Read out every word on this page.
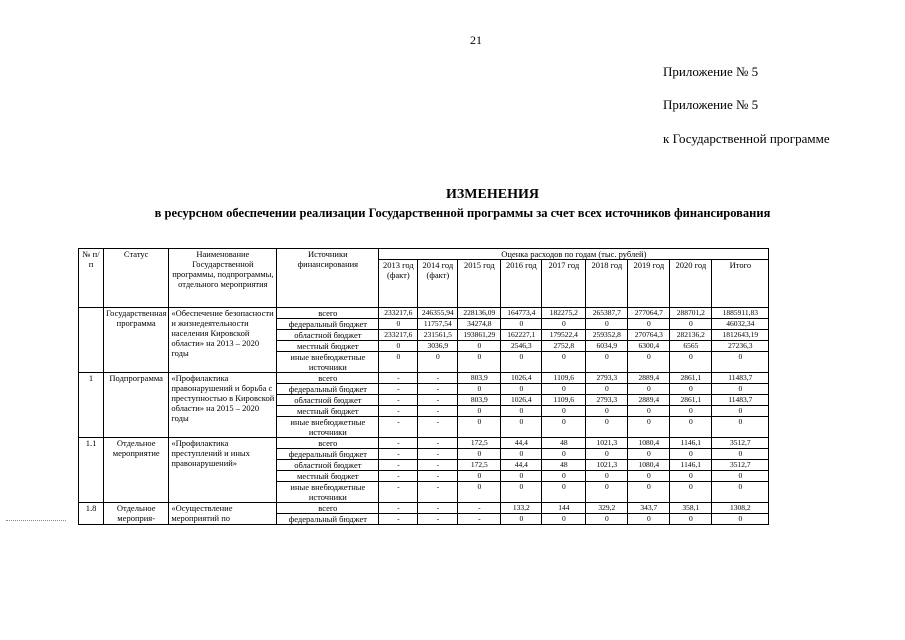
21
Приложение № 5
Приложение № 5
к Государственной программе
ИЗМЕНЕНИЯ
в ресурсном обеспечении реализации Государственной программы за счет всех источников финансирования
№ п/п	Статус	Наименование Государственной программы, подпрограммы, отдельного мероприятия	Источники финансирования	Оценка расходов по годам (тыс. рублей)								
				2013 год (факт)	2014 год (факт)	2015 год	2016 год	2017 год	2018 год	2019 год	2020 год	Итого
	Государственная программа	«Обеспечение безопасности и жизнедеятельности населения Кировской области» на 2013 – 2020 годы	всего	233217,6	246355,94	228136,09	164773,4	182275,2	265387,7	277064,7	288701,2	1885911,83
			федеральный бюджет	0	11757,54	34274,8	0	0	0	0	0	46032,34
			областной бюджет	233217,6	231561,5	193861,29	162227,1	179522,4	259352,8	270764,3	282136,2	1812643,19
			местный бюджет	0	3036,9	0	2546,3	2752,8	6034,9	6300,4	6565	27236,3
			иные внебюджетные источники	0	0	0	0	0	0	0	0	0
1	Подпрограмма	«Профилактика правонарушений и борьба с преступностью в Кировской области» на 2015 – 2020 годы	всего	-	-	803,9	1026,4	1109,6	2793,3	2889,4	2861,1	11483,7
			федеральный бюджет	-	-	0	0	0	0	0	0	0
			областной бюджет	-	-	803,9	1026,4	1109,6	2793,3	2889,4	2861,1	11483,7
			местный бюджет	-	-	0	0	0	0	0	0	0
			иные внебюджетные источники	-	-	0	0	0	0	0	0	0
1.1	Отдельное мероприятие	«Профилактика преступлений и иных правонарушений»	всего	-	-	172,5	44,4	48	1021,3	1080,4	1146,1	3512,7
			федеральный бюджет	-	-	0	0	0	0	0	0	0
			областной бюджет	-	-	172,5	44,4	48	1021,3	1080,4	1146,1	3512,7
			местный бюджет	-	-	0	0	0	0	0	0	0
			иные внебюджетные источники	-	-	0	0	0	0	0	0	0
1.8	Отдельное мероприя-	«Осуществление мероприятий по	всего	-	-	-	133,2	144	329,2	343,7	358,1	1308,2
			федеральный бюджет	-	-	-	0	0	0	0	0	0
